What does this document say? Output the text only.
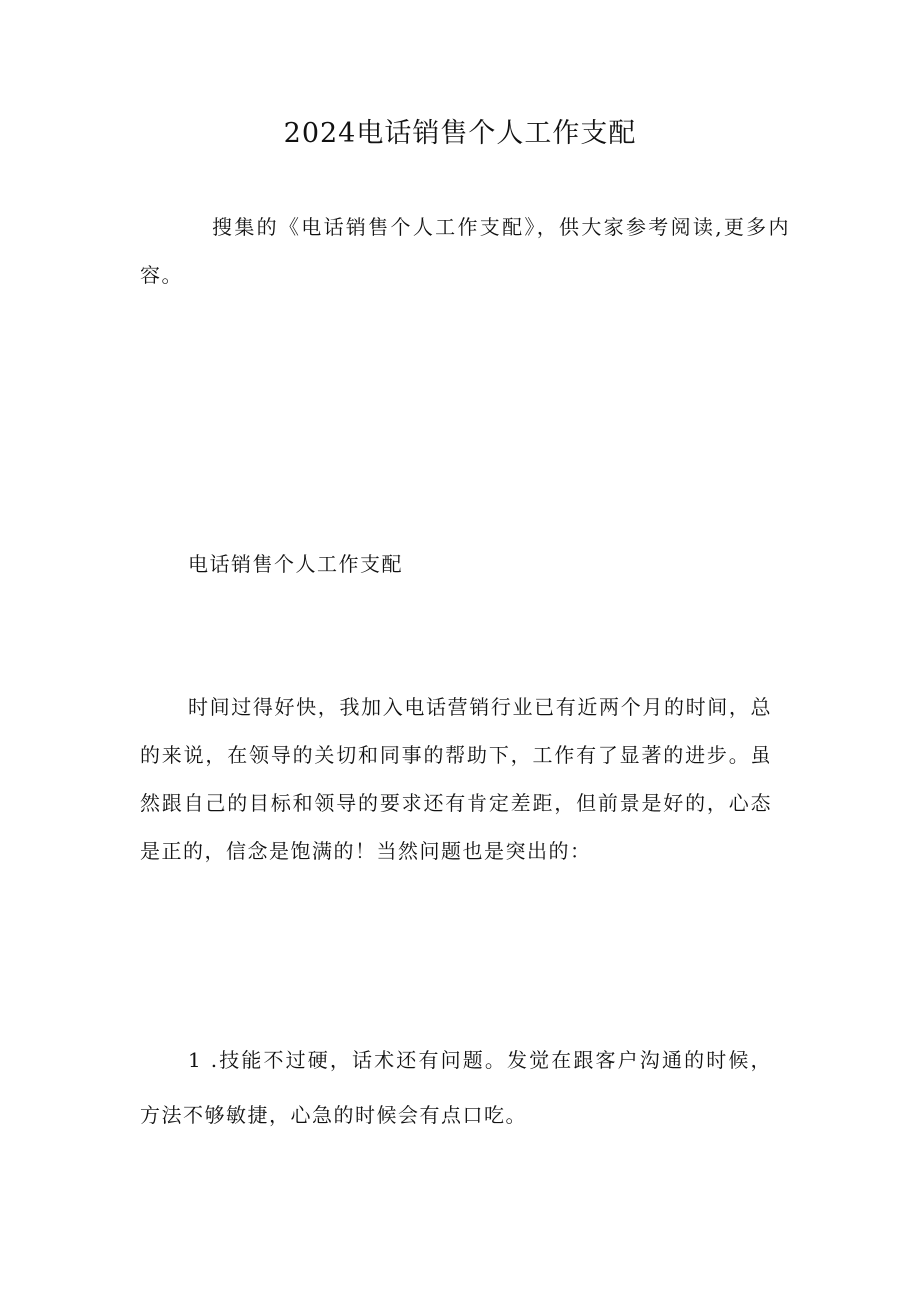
2024电话销售个人工作支配

搜集的《电话销售个人工作支配》，供大家参考阅读,更多内容。

电话销售个人工作支配

时间过得好快，我加入电话营销行业已有近两个月的时间，总的来说，在领导的关切和同事的帮助下，工作有了显著的进步。虽然跟自己的目标和领导的要求还有肯定差距，但前景是好的，心态是正的，信念是饱满的！当然问题也是突出的：

1 .技能不过硬，话术还有问题。发觉在跟客户沟通的时候，方法不够敏捷，心急的时候会有点口吃。
